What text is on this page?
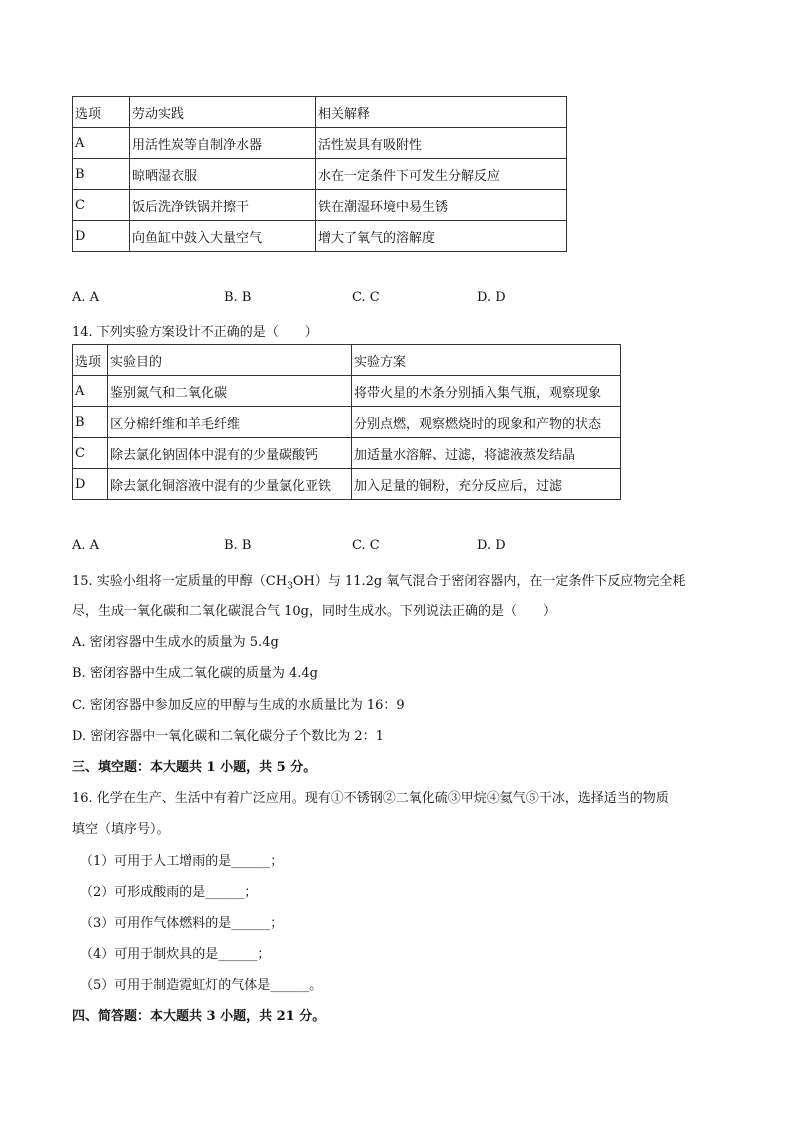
选项	劳动实践	相关解释
A	用活性炭等自制净水器	活性炭具有吸附性
B	晾晒湿衣服	水在一定条件下可发生分解反应
C	饭后洗净铁锅并擦干	铁在潮湿环境中易生锈
D	向鱼缸中鼓入大量空气	增大了氧气的溶解度
A. A	B. B	C. C	D. D
14. 下列实验方案设计不正确的是（　　）
选项	实验目的	实验方案
A	鉴别氮气和二氧化碳	将带火星的木条分别插入集气瓶，观察现象
B	区分棉纤维和羊毛纤维	分别点燃，观察燃烧时的现象和产物的状态
C	除去氯化钠固体中混有的少量碳酸钙	加适量水溶解、过滤，将滤液蒸发结晶
D	除去氯化铜溶液中混有的少量氯化亚铁	加入足量的铜粉，充分反应后，过滤
A. A	B. B	C. C	D. D
15. 实验小组将一定质量的甲醇$(CH_3OH)$与 11.2g 氧气混合于密闭容器内，在一定条件下反应物完全耗
尽，生成一氧化碳和二氧化碳混合气 10g，同时生成水。下列说法正确的是（　　）
A. 密闭容器中生成水的质量为 5.4g
B. 密闭容器中生成二氧化碳的质量为 4.4g
C. 密闭容器中参加反应的甲醇与生成的水质量比为 16：9
D. 密闭容器中一氧化碳和二氧化碳分子个数比为 2：1
三、填空题：本大题共 1 小题，共 5 分。
16. 化学在生产、生活中有着广泛应用。现有①不锈钢②二氧化硫③甲烷④氦气⑤干冰，选择适当的物质
填空（填序号）。
（1）可用于人工增雨的是______；
（2）可形成酸雨的是______；
（3）可用作气体燃料的是______；
（4）可用于制炊具的是______；
（5）可用于制造霓虹灯的气体是______。
四、简答题：本大题共 3 小题，共 21 分。
